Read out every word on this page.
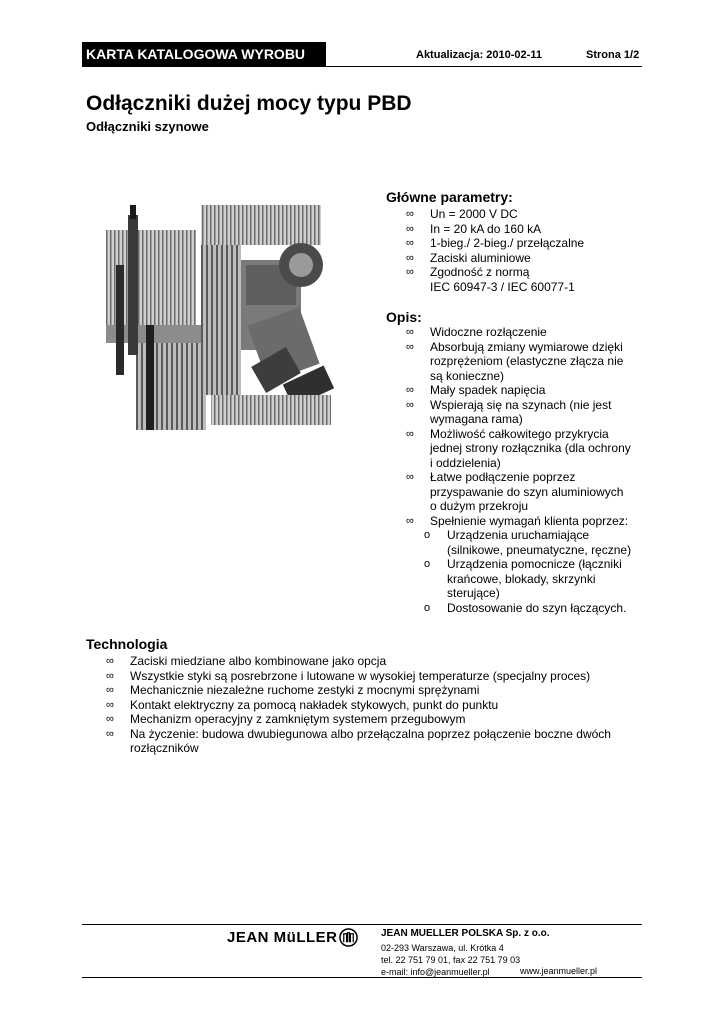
KARTA KATALOGOWA WYROBU	Aktualizacja: 2010-02-11	Strona 1/2
Odłączniki dużej mocy typu PBD
Odłączniki szynowe
Główne parametry:
∞ Un = 2000 V DC
∞ In = 20 kA do 160 kA
∞ 1-bieg./ 2-bieg./ przełączalne
∞ Zaciski aluminiowe
∞ Zgodność z normą
IEC 60947-3 / IEC 60077-1
Opis:
∞ Widoczne rozłączenie
∞ Absorbują zmiany wymiarowe dzięki
rozprężeniom (elastyczne złącza nie
są konieczne)
∞ Mały spadek napięcia
∞ Wspierają się na szynach (nie jest
wymagana rama)
∞ Możliwość całkowitego przykrycia
jednej strony rozłącznika (dla ochrony
i oddzielenia)
∞ Łatwe podłączenie poprzez
przyspawanie do szyn aluminiowych
o dużym przekroju
∞ Spełnienie wymagań klienta poprzez:
o Urządzenia uruchamiające
(silnikowe, pneumatyczne, ręczne)
o Urządzenia pomocnicze (łączniki
krańcowe, blokady, skrzynki
sterujące)
o Dostosowanie do szyn łączących.
Technologia
∞ Zaciski miedziane albo kombinowane jako opcja
∞ Wszystkie styki są posrebrzone i lutowane w wysokiej temperaturze (specjalny proces)
∞ Mechanicznie niezależne ruchome zestyki z mocnymi sprężynami
∞ Kontakt elektryczny za pomocą nakładek stykowych, punkt do punktu
∞ Mechanizm operacyjny z zamkniętym systemem przegubowym
∞ Na życzenie: budowa dwubiegunowa albo przełączalna poprzez połączenie boczne dwóch
rozłączników
JEAN MüLLER	JEAN MUELLER POLSKA Sp. z o.o.
02-293 Warszawa, ul. Krótka 4
tel. 22 751 79 01, fax 22 751 79 03
e-mail: info@jeanmueller.pl	www.jeanmueller.pl
